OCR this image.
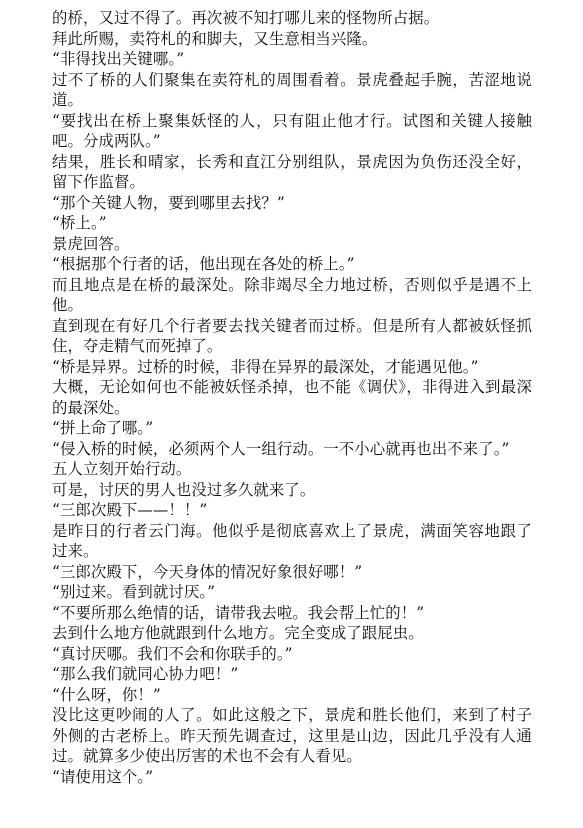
的桥，又过不得了。再次被不知打哪儿来的怪物所占据。

拜此所赐，卖符札的和脚夫，又生意相当兴隆。

“非得找出关键哪。”

过不了桥的人们聚集在卖符札的周围看着。景虎叠起手腕，苦涩地说道。

“要找出在桥上聚集妖怪的人，只有阻止他才行。试图和关键人接触吧。分成两队。”

结果，胜长和晴家，长秀和直江分别组队，景虎因为负伤还没全好，留下作监督。

“那个关键人物，要到哪里去找？”

“桥上。”

景虎回答。

“根据那个行者的话，他出现在各处的桥上。”

而且地点是在桥的最深处。除非竭尽全力地过桥，否则似乎是遇不上他。

直到现在有好几个行者要去找关键者而过桥。但是所有人都被妖怪抓住，夺走精气而死掉了。

“桥是异界。过桥的时候，非得在异界的最深处，才能遇见他。”

大概，无论如何也不能被妖怪杀掉，也不能《调伏》，非得进入到最深的最深处。

“拼上命了哪。”

“侵入桥的时候，必须两个人一组行动。一不小心就再也出不来了。”

五人立刻开始行动。

可是，讨厌的男人也没过多久就来了。

“三郎次殿下——！！”

是昨日的行者云门海。他似乎是彻底喜欢上了景虎，满面笑容地跟了过来。

“三郎次殿下，今天身体的情况好象很好哪！”

“别过来。看到就讨厌。”

“不要所那么绝情的话，请带我去啦。我会帮上忙的！”

去到什么地方他就跟到什么地方。完全变成了跟屁虫。

“真讨厌哪。我们不会和你联手的。”

“那么我们就同心协力吧！”

“什么呀，你！”

没比这更吵闹的人了。如此这般之下，景虎和胜长他们，来到了村子外侧的古老桥上。昨天预先调查过，这里是山边，因此几乎没有人通过。就算多少使出厉害的术也不会有人看见。

“请使用这个。”
